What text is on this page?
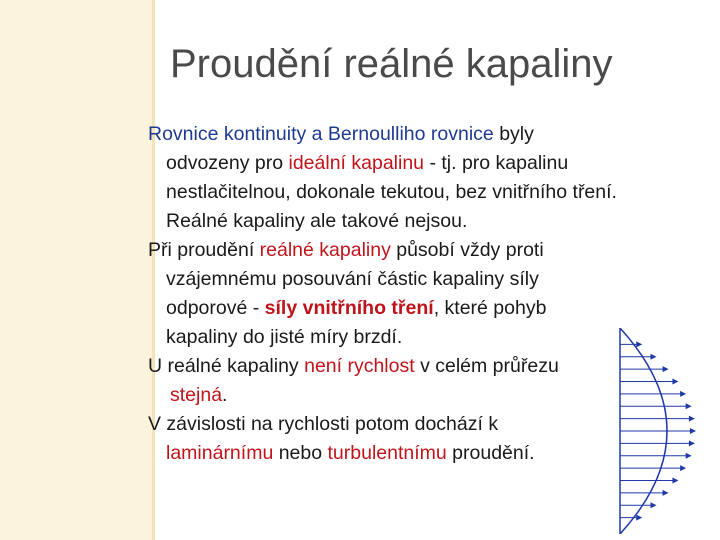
Proudění reálné kapaliny
Rovnice kontinuity a Bernoulliho rovnice byly
odvozeny pro ideální kapalinu - tj. pro kapalinu
nestlačitelnou, dokonale tekutou, bez vnitřního tření.
Reálné kapaliny ale takové nejsou.
Při proudění reálné kapaliny působí vždy proti
vzájemnému posouvání částic kapaliny síly
odporové - síly vnitřního tření, které pohyb
kapaliny do jisté míry brzdí.
U reálné kapaliny není rychlost v celém průřezu
stejná.
V závislosti na rychlosti potom dochází k
laminárnímu nebo turbulentnímu proudění.
